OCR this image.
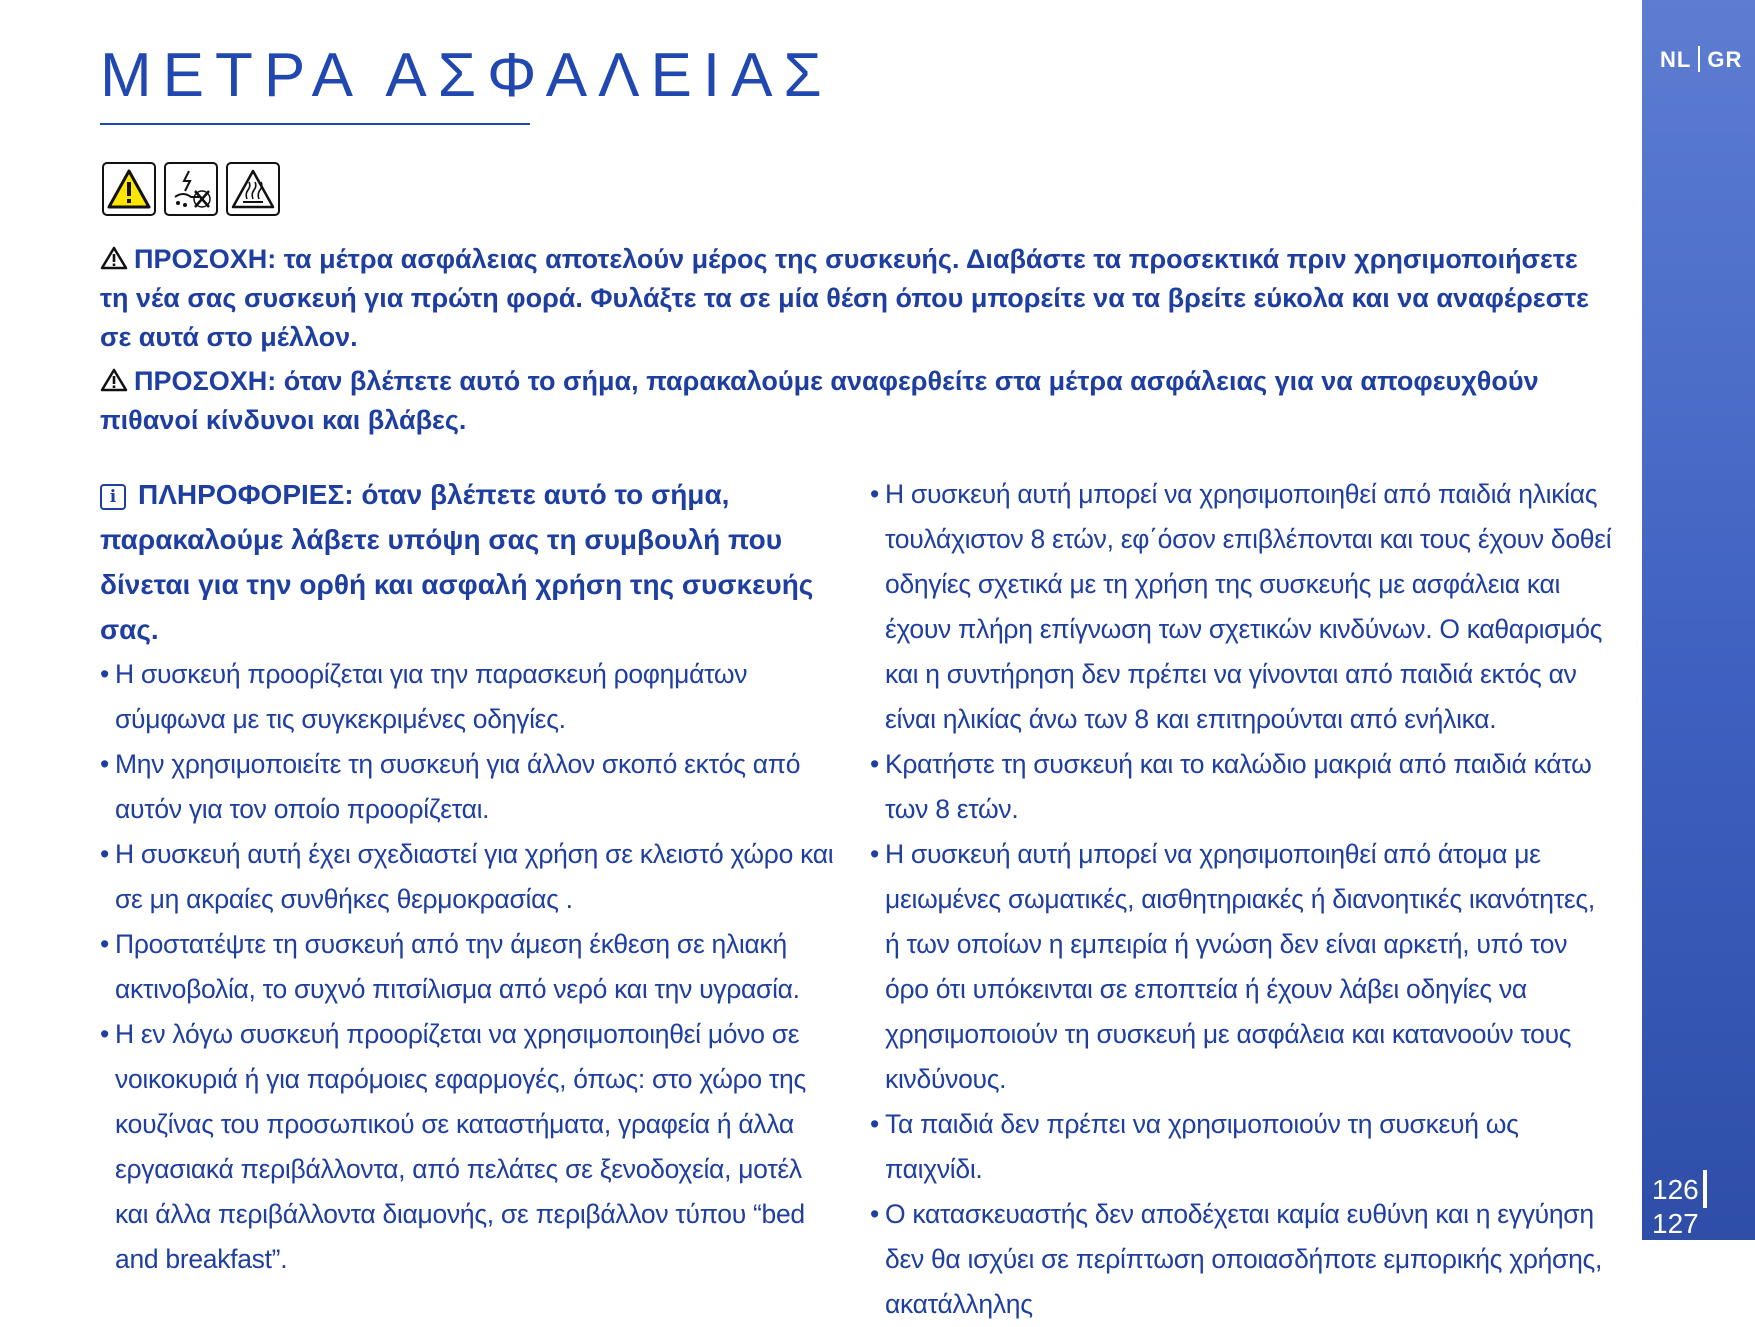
NL GR
126127
ΜΕΤΡΑ ΑΣΦΑΛΕΙΑΣ

ΠΡΟΣΟΧΗ: τα μέτρα ασφάλειας αποτελούν μέρος της συσκευής. Διαβάστε τα προσεκτικά πριν χρησιμοποιήσετε τη νέα σας συσκευή για πρώτη φορά. Φυλάξτε τα σε μία θέση όπου μπορείτε να τα βρείτε εύκολα και να αναφέρεστε σε αυτά στο μέλλον.

ΠΡΟΣΟΧΗ: όταν βλέπετε αυτό το σήμα, παρακαλούμε αναφερθείτε στα μέτρα ασφάλειας για να αποφευχθούν πιθανοί κίνδυνοι και βλάβες.

i ΠΛΗΡΟΦΟΡΙΕΣ: όταν βλέπετε αυτό το σήμα,
παρακαλούμε λάβετε υπόψη σας τη συμβουλή που
δίνεται για την ορθή και ασφαλή χρήση της συσκευής σας.
• Η συσκευή προορίζεται για την παρασκευή ροφημάτων σύμφωνα με τις συγκεκριμένες οδηγίες.
• Μην χρησιμοποιείτε τη συσκευή για άλλον σκοπό εκτός από αυτόν για τον οποίο προορίζεται.
• Η συσκευή αυτή έχει σχεδιαστεί για χρήση σε κλειστό χώρο και σε μη ακραίες συνθήκες θερμοκρασίας .
• Προστατέψτε τη συσκευή από την άμεση έκθεση σε ηλιακή ακτινοβολία, το συχνό πιτσίλισμα από νερό και την υγρασία.
• Η εν λόγω συσκευή προορίζεται να χρησιμοποιηθεί μόνο σε νοικοκυριά ή για παρόμοιες εφαρμογές, όπως: στο χώρο της κουζίνας του προσωπικού σε καταστήματα, γραφεία ή άλλα εργασιακά περιβάλλοντα, από πελάτες σε ξενοδοχεία, μοτέλ και άλλα περιβάλλοντα διαμονής, σε περιβάλλον τύπου “bed and breakfast”.
• Η συσκευή αυτή μπορεί να χρησιμοποιηθεί από παιδιά ηλικίας τουλάχιστον 8 ετών, εφ΄όσον επιβλέπονται και τους έχουν δοθεί οδηγίες σχετικά με τη χρήση της συσκευής με ασφάλεια και έχουν πλήρη επίγνωση των σχετικών κινδύνων. Ο καθαρισμός και η συντήρηση δεν πρέπει να γίνονται από παιδιά εκτός αν είναι ηλικίας άνω των 8 και επιτηρούνται από ενήλικα.
• Κρατήστε τη συσκευή και το καλώδιο μακριά από παιδιά κάτω των 8 ετών.
• Η συσκευή αυτή μπορεί να χρησιμοποιηθεί από άτομα με μειωμένες σωματικές, αισθητηριακές ή διανοητικές ικανότητες, ή των οποίων η εμπειρία ή γνώση δεν είναι αρκετή, υπό τον όρο ότι υπόκεινται σε εποπτεία ή έχουν λάβει οδηγίες να χρησιμοποιούν τη συσκευή με ασφάλεια και κατανοούν τους κινδύνους.
• Τα παιδιά δεν πρέπει να χρησιμοποιούν τη συσκευή ως παιχνίδι.
• Ο κατασκευαστής δεν αποδέχεται καμία ευθύνη και η εγγύηση δεν θα ισχύει σε περίπτωση οποιασδήποτε εμπορικής χρήσης, ακατάλληλης
